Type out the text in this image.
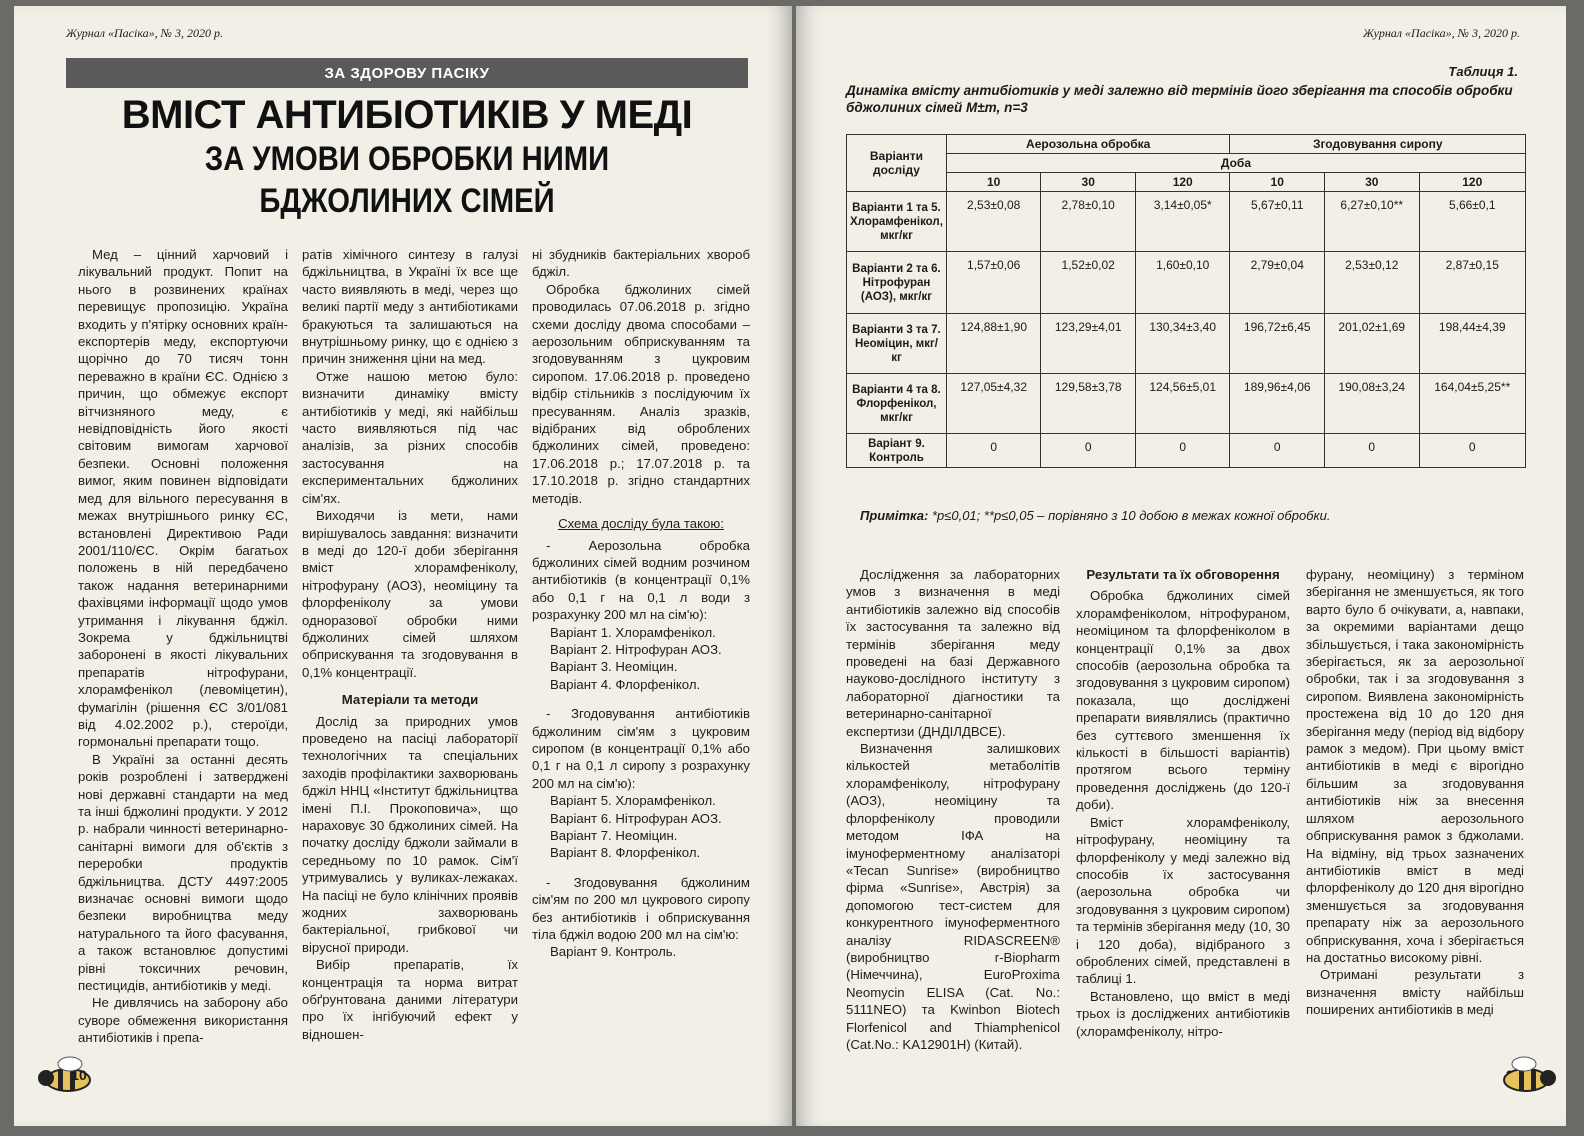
Журнал «Пасіка», № 3, 2020 р.
ЗА ЗДОРОВУ ПАСІКУ
ВМІСТ АНТИБІОТИКІВ У МЕДІ
ЗА УМОВИ ОБРОБКИ НИМИ
БДЖОЛИНИХ СІМЕЙ

Мед – цінний харчовий і лікувальний продукт. Попит на нього в розвинених країнах перевищує пропозицію. Україна входить у п'ятірку основних країн-експортерів меду, експортуючи щорічно до 70 тисяч тонн переважно в країни ЄС. Однією з причин, що обмежує експорт вітчизняного меду, є невідповідність його якості світовим вимогам харчової безпеки. Основні положення вимог, яким повинен відповідати мед для вільного пересування в межах внутрішнього ринку ЄС, встановлені Директивою Ради 2001/110/ЄС. Окрім багатьох положень в ній передбачено також надання ветеринарними фахівцями інформації щодо умов утримання і лікування бджіл. Зокрема у бджільництві заборонені в якості лікувальних препаратів нітрофурани, хлорамфенікол (левоміцетин), фумагілін (рішення ЄС 3/01/081 від 4.02.2002 р.), стероїди, гормональні препарати тощо.

В Україні за останні десять років розроблені і затверджені нові державні стандарти на мед та інші бджолині продукти. У 2012 р. набрали чинності ветеринарно-санітарні вимоги для об'єктів з переробки продуктів бджільництва. ДСТУ 4497:2005 визначає основні вимоги щодо безпеки виробництва меду натурального та його фасування, а також встановлює допустимі рівні токсичних речовин, пестицидів, антибіотиків у меді.

Не дивлячись на заборону або суворе обмеження використання антибіотиків і препа-

ратів хімічного синтезу в галузі бджільництва, в Україні їх все ще часто виявляють в меді, через що великі партії меду з антибіотиками бракуються та залишаються на внутрішньому ринку, що є однією з причин зниження ціни на мед.

Отже нашою метою було: визначити динаміку вмісту антибіотиків у меді, які найбільш часто виявляються під час аналізів, за різних способів застосування на експериментальних бджолиних сім'ях.

Виходячи із мети, нами вирішувалось завдання: визначити в меді до 120-ї доби зберігання вміст хлорамфеніколу, нітрофурану (АОЗ), неоміцину та флорфеніколу за умови одноразової обробки ними бджолиних сімей шляхом обприскування та згодовування в 0,1% концентрації.

Матеріали та методи

Дослід за природних умов проведено на пасіці лабораторії технологічних та спеціальних заходів профілактики захворювань бджіл ННЦ «Інститут бджільництва імені П.І. Прокоповича», що нараховує 30 бджолиних сімей. На початку досліду бджоли займали в середньому по 10 рамок. Сім'ї утримувались у вуликах-лежаках. На пасіці не було клінічних проявів жодних захворювань бактеріальної, грибкової чи вірусної природи.

Вибір препаратів, їх концентрація та норма витрат обґрунтована даними літератури про їх інгібуючий ефект у відношен-

ні збудників бактеріальних хвороб бджіл.

Обробка бджолиних сімей проводилась 07.06.2018 р. згідно схеми досліду двома способами – аерозольним обприскуванням та згодовуванням з цукровим сиропом. 17.06.2018 р. проведено відбір стільників з послідуючим їх пресуванням. Аналіз зразків, відібраних від оброблених бджолиних сімей, проведено: 17.06.2018 р.; 17.07.2018 р. та 17.10.2018 р. згідно стандартних методів.

Схема досліду була такою:

- Аерозольна обробка бджолиних сімей водним розчином антибіотиків (в концентрації 0,1% або 0,1 г на 0,1 л води з розрахунку 200 мл на сім'ю):

Варіант 1. Хлорамфенікол.
Варіант 2. Нітрофуран АОЗ.
Варіант 3. Неоміцин.
Варіант 4. Флорфенікол.

- Згодовування антибіотиків бджолиним сім'ям з цукровим сиропом (в концентрації 0,1% або 0,1 г на 0,1 л сиропу з розрахунку 200 мл на сім'ю):

Варіант 5. Хлорамфенікол.
Варіант 6. Нітрофуран АОЗ.
Варіант 7. Неоміцин.
Варіант 8. Флорфенікол.

- Згодовування бджолиним сім'ям по 200 мл цукрового сиропу без антибіотиків і обприскування тіла бджіл водою 200 мл на сім'ю:

Варіант 9. Контроль.
10
Журнал «Пасіка», № 3, 2020 р.
Таблиця 1.
Динаміка вмісту антибіотиків у меді залежно від термінів його зберігання та способів обробки бджолиних сімей M±m, n=3
Варіанти досліду	Аерозольна обробка			Згодовування сиропу		
	Доба					
	10	30	120	10	30	120
Варіанти 1 та 5. Хлорамфенікол, мкг/кг	2,53±0,08	2,78±0,10	3,14±0,05*	5,67±0,11	6,27±0,10**	5,66±0,1
Варіанти 2 та 6. Нітрофуран (АОЗ), мкг/кг	1,57±0,06	1,52±0,02	1,60±0,10	2,79±0,04	2,53±0,12	2,87±0,15
Варіанти 3 та 7. Неоміцин, мкг/кг	124,88±1,90	123,29±4,01	130,34±3,40	196,72±6,45	201,02±1,69	198,44±4,39
Варіанти 4 та 8. Флорфенікол, мкг/кг	127,05±4,32	129,58±3,78	124,56±5,01	189,96±4,06	190,08±3,24	164,04±5,25**
Варіант 9. Контроль	0	0	0	0	0	0
Примітка: *р≤0,01; **р≤0,05 – порівняно з 10 добою в межах кожної обробки.

Дослідження за лабораторних умов з визначення в меді антибіотиків залежно від способів їх застосування та залежно від термінів зберігання меду проведені на базі Державного науково-дослідного інституту з лабораторної діагностики та ветеринарно-санітарної експертизи (ДНДІЛДВСЕ).

Визначення залишкових кількостей метаболітів хлорамфеніколу, нітрофурану (АОЗ), неоміцину та флорфеніколу проводили методом ІФА на імуноферментному аналізаторі «Tecan Sunrise» (виробництво фірма «Sunrise», Австрія) за допомогою тест-систем для конкурентного імуноферментного аналізу RIDASCREEN® (виробництво r-Biopharm (Німеччина), EuroProxima Neomycin ELISA (Cat. No.: 5111NEO) та Kwinbon Biotech Florfenicol and Thiamphenicol (Cat.No.: KA12901H) (Китай).

Результати та їх обговорення

Обробка бджолиних сімей хлорамфеніколом, нітрофураном, неоміцином та флорфеніколом в концентрації 0,1% за двох способів (аерозольна обробка та згодовування з цукровим сиропом) показала, що досліджені препарати виявлялись (практично без суттєвого зменшення їх кількості в більшості варіантів) протягом всього терміну проведення досліджень (до 120-ї доби).

Вміст хлорамфеніколу, нітрофурану, неоміцину та флорфеніколу у меді залежно від способів їх застосування (аерозольна обробка чи згодовування з цукровим сиропом) та термінів зберігання меду (10, 30 і 120 доба), відібраного з оброблених сімей, представлені в таблиці 1.

Встановлено, що вміст в меді трьох із досліджених антибіотиків (хлорамфеніколу, нітро-

фурану, неоміцину) з терміном зберігання не зменшується, як того варто було б очікувати, а, навпаки, за окремими варіантами дещо збільшується, і така закономірність зберігається, як за аерозольної обробки, так і за згодовування з сиропом. Виявлена закономірність простежена від 10 до 120 дня зберігання меду (період від відбору рамок з медом). При цьому вміст антибіотиків в меді є вірогідно більшим за згодовування антибіотиків ніж за внесення шляхом аерозольного обприскування рамок з бджолами. На відміну, від трьох зазначених антибіотиків вміст в меді флорфеніколу до 120 дня вірогідно зменшується за згодовування препарату ніж за аерозольного обприскування, хоча і зберігається на достатньо високому рівні.

Отримані результати з визначення вмісту найбільш поширених антибіотиків в меді
